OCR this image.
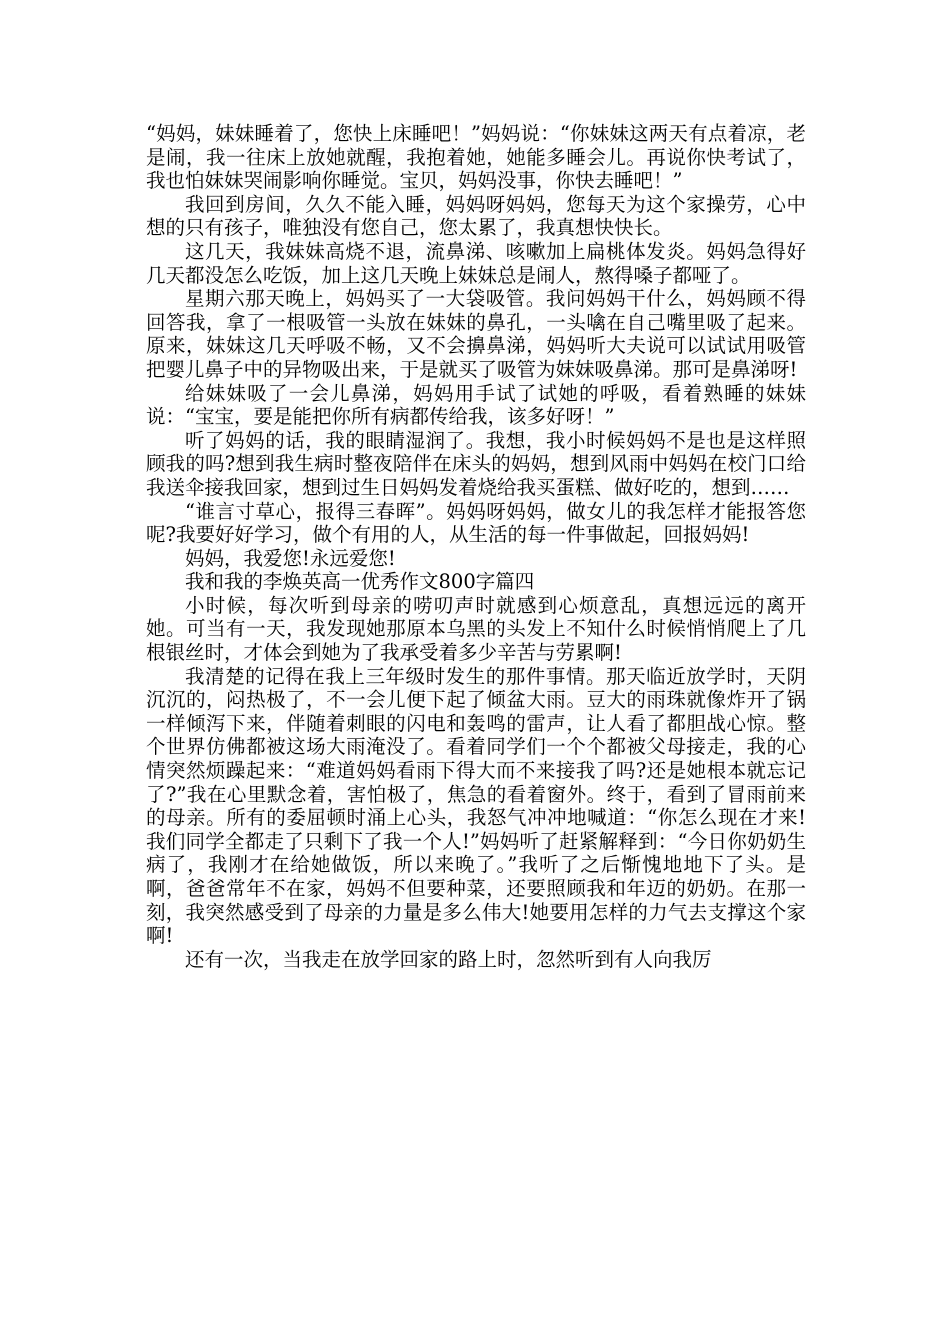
“妈妈，妹妹睡着了，您快上床睡吧！”妈妈说：“你妹妹这两天有点着凉，老是闹，我一往床上放她就醒，我抱着她，她能多睡会儿。再说你快考试了，我也怕妹妹哭闹影响你睡觉。宝贝，妈妈没事，你快去睡吧！”

我回到房间，久久不能入睡，妈妈呀妈妈，您每天为这个家操劳，心中想的只有孩子，唯独没有您自己，您太累了，我真想快快长。

这几天，我妹妹高烧不退，流鼻涕、咳嗽加上扁桃体发炎。妈妈急得好几天都没怎么吃饭，加上这几天晚上妹妹总是闹人，熬得嗓子都哑了。

星期六那天晚上，妈妈买了一大袋吸管。我问妈妈干什么，妈妈顾不得回答我，拿了一根吸管一头放在妹妹的鼻孔，一头噙在自己嘴里吸了起来。原来，妹妹这几天呼吸不畅，又不会擤鼻涕，妈妈听大夫说可以试试用吸管把婴儿鼻子中的异物吸出来，于是就买了吸管为妹妹吸鼻涕。那可是鼻涕呀!

给妹妹吸了一会儿鼻涕，妈妈用手试了试她的呼吸，看着熟睡的妹妹说：“宝宝，要是能把你所有病都传给我，该多好呀！”

听了妈妈的话，我的眼睛湿润了。我想，我小时候妈妈不是也是这样照顾我的吗?想到我生病时整夜陪伴在床头的妈妈，想到风雨中妈妈在校门口给我送伞接我回家，想到过生日妈妈发着烧给我买蛋糕、做好吃的，想到……

“谁言寸草心，报得三春晖”。妈妈呀妈妈，做女儿的我怎样才能报答您呢?我要好好学习，做个有用的人，从生活的每一件事做起，回报妈妈!

妈妈，我爱您!永远爱您!

我和我的李焕英高一优秀作文800字篇四

小时候，每次听到母亲的唠叨声时就感到心烦意乱，真想远远的离开她。可当有一天，我发现她那原本乌黑的头发上不知什么时候悄悄爬上了几根银丝时，才体会到她为了我承受着多少辛苦与劳累啊!

我清楚的记得在我上三年级时发生的那件事情。那天临近放学时，天阴沉沉的，闷热极了，不一会儿便下起了倾盆大雨。豆大的雨珠就像炸开了锅一样倾泻下来，伴随着刺眼的闪电和轰鸣的雷声，让人看了都胆战心惊。整个世界仿佛都被这场大雨淹没了。看着同学们一个个都被父母接走，我的心情突然烦躁起来：“难道妈妈看雨下得大而不来接我了吗?还是她根本就忘记了?”我在心里默念着，害怕极了，焦急的看着窗外。终于，看到了冒雨前来的母亲。所有的委屈顿时涌上心头，我怒气冲冲地喊道：“你怎么现在才来!我们同学全都走了只剩下了我一个人!”妈妈听了赶紧解释到：“今日你奶奶生病了，我刚才在给她做饭，所以来晚了。”我听了之后惭愧地地下了头。是啊，爸爸常年不在家，妈妈不但要种菜，还要照顾我和年迈的奶奶。在那一刻，我突然感受到了母亲的力量是多么伟大!她要用怎样的力气去支撑这个家啊!

还有一次，当我走在放学回家的路上时，忽然听到有人向我厉
